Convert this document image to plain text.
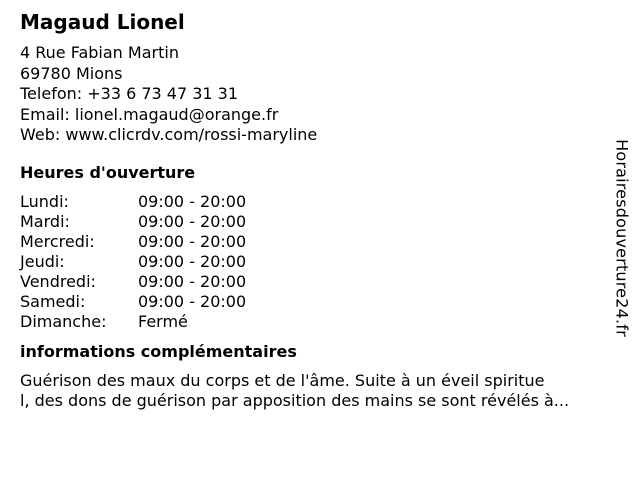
Magaud Lionel
4 Rue Fabian Martin
69780 Mions
Telefon: +33 6 73 47 31 31
Email: lionel.magaud@orange.fr
Web: www.clicrdv.com/rossi-maryline
Heures d'ouverture
Lundi:	09:00 - 20:00
Mardi:	09:00 - 20:00
Mercredi:	09:00 - 20:00
Jeudi:	09:00 - 20:00
Vendredi:	09:00 - 20:00
Samedi:	09:00 - 20:00
Dimanche:	Fermé
informations complémentaires
Guérison des maux du corps et de l'âme. Suite à un éveil spiritue
l, des dons de guérison par apposition des mains se sont révélés à...
Horairesdouverture24.fr
